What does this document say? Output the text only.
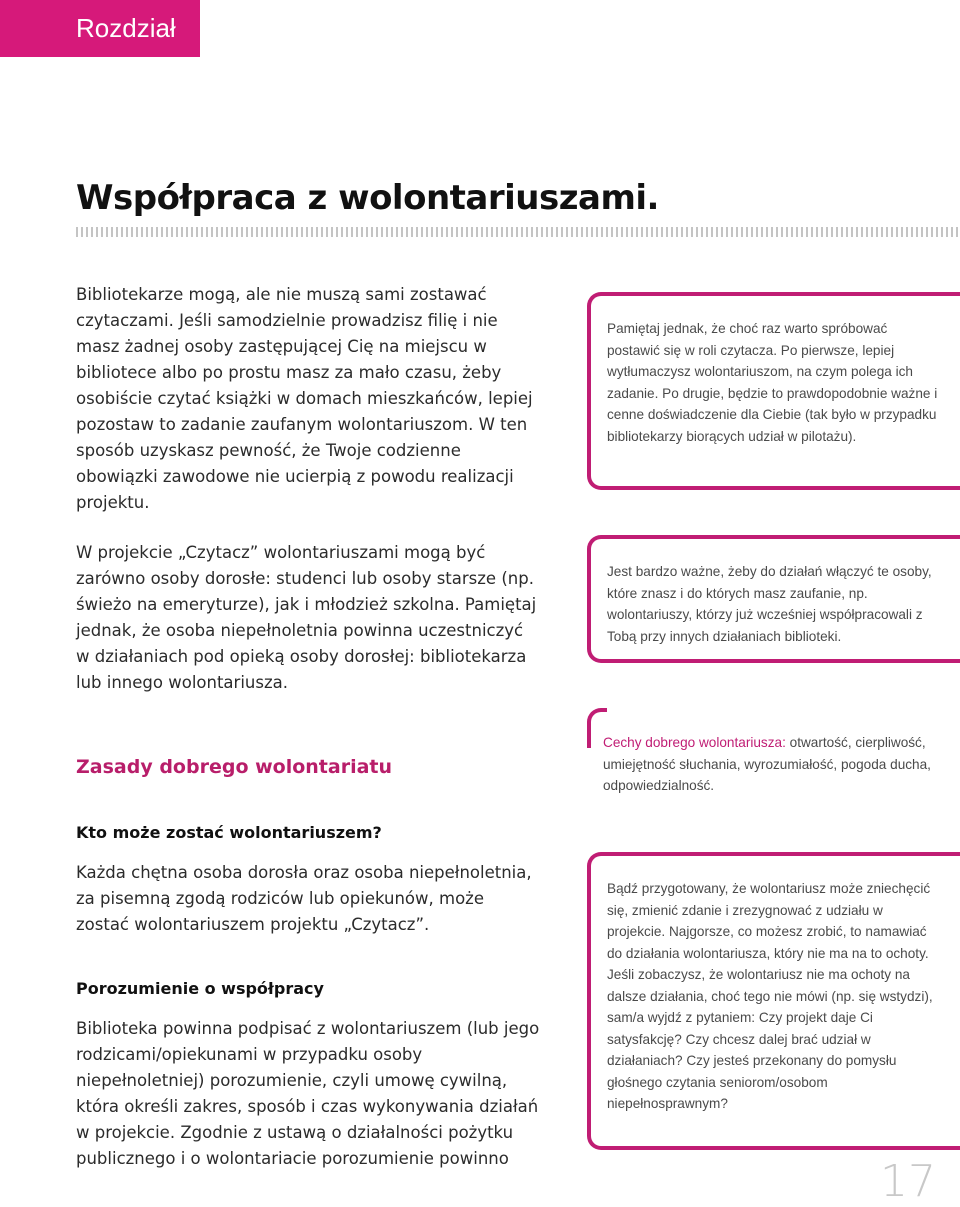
Rozdział 3.
Współpraca z wolontariuszami.

Bibliotekarze mogą, ale nie muszą sami zostawać czytaczami. Jeśli samodzielnie prowadzisz filię i nie masz żadnej osoby zastępującej Cię na miejscu w bibliotece albo po prostu masz za mało czasu, żeby osobiście czytać książki w domach mieszkańców, lepiej pozostaw to zadanie zaufanym wolontariuszom. W ten sposób uzyskasz pewność, że Twoje codzienne obowiązki zawodowe nie ucierpią z powodu realizacji projektu.

W projekcie „Czytacz” wolontariuszami mogą być zarówno osoby dorosłe: studenci lub osoby starsze (np. świeżo na emeryturze), jak i młodzież szkolna. Pamiętaj jednak, że osoba niepełnoletnia powinna uczestniczyć w działaniach pod opieką osoby dorosłej: bibliotekarza lub innego wolontariusza.

Zasady dobrego wolontariatu

Kto może zostać wolontariuszem?

Każda chętna osoba dorosła oraz osoba niepełnoletnia, za pisemną zgodą rodziców lub opiekunów, może zostać wolontariuszem projektu „Czytacz”.

Porozumienie o współpracy

Biblioteka powinna podpisać z wolontariuszem (lub jego rodzicami/opiekunami w przypadku osoby niepełnoletniej) porozumienie, czyli umowę cywilną, która określi zakres, sposób i czas wykonywania działań w projekcie. Zgodnie z ustawą o działalności pożytku publicznego i o wolontariacie porozumienie powinno

Pamiętaj jednak, że choć raz warto spróbować postawić się w roli czytacza. Po pierwsze, lepiej wytłumaczysz wolontariuszom, na czym polega ich zadanie. Po drugie, będzie to prawdopodobnie ważne i cenne doświadczenie dla Ciebie (tak było w przypadku bibliotekarzy biorących udział w pilotażu).
Jest bardzo ważne, żeby do działań włączyć te osoby, które znasz i do których masz zaufanie, np. wolontariuszy, którzy już wcześniej współpracowali z Tobą przy innych działaniach biblioteki.
Cechy dobrego wolontariusza: otwartość, cierpliwość, umiejętność słuchania, wyrozumiałość, pogoda ducha, odpowiedzialność.
Bądź przygotowany, że wolontariusz może zniechęcić się, zmienić zdanie i zrezygnować z udziału w projekcie. Najgorsze, co możesz zrobić, to namawiać do działania wolontariusza, który nie ma na to ochoty. Jeśli zobaczysz, że wolontariusz nie ma ochoty na dalsze działania, choć tego nie mówi (np. się wstydzi), sam/a wyjdź z pytaniem: Czy projekt daje Ci satysfakcję? Czy chcesz dalej brać udział w działaniach? Czy jesteś przekonany do pomysłu głośnego czytania seniorom/osobom niepełnosprawnym?
17
